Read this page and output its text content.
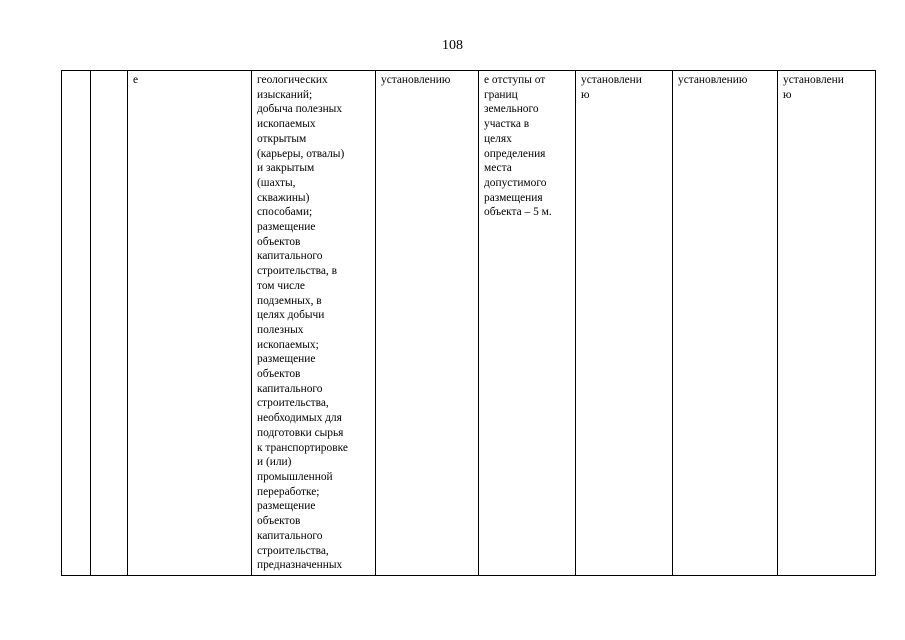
108
		е	геологических
изысканий;
добыча полезных
ископаемых
открытым
(карьеры, отвалы)
и закрытым
(шахты,
скважины)
способами;
размещение
объектов
капитального
строительства, в
том числе
подземных, в
целях добычи
полезных
ископаемых;
размещение
объектов
капитального
строительства,
необходимых для
подготовки сырья
к транспортировке
и (или)
промышленной
переработке;
размещение
объектов
капитального
строительства,
предназначенных	установлению	е отступы от
границ
земельного
участка в
целях
определения
места
допустимого
размещения
объекта – 5 м.	установлени
ю	установлению	установлени
ю
